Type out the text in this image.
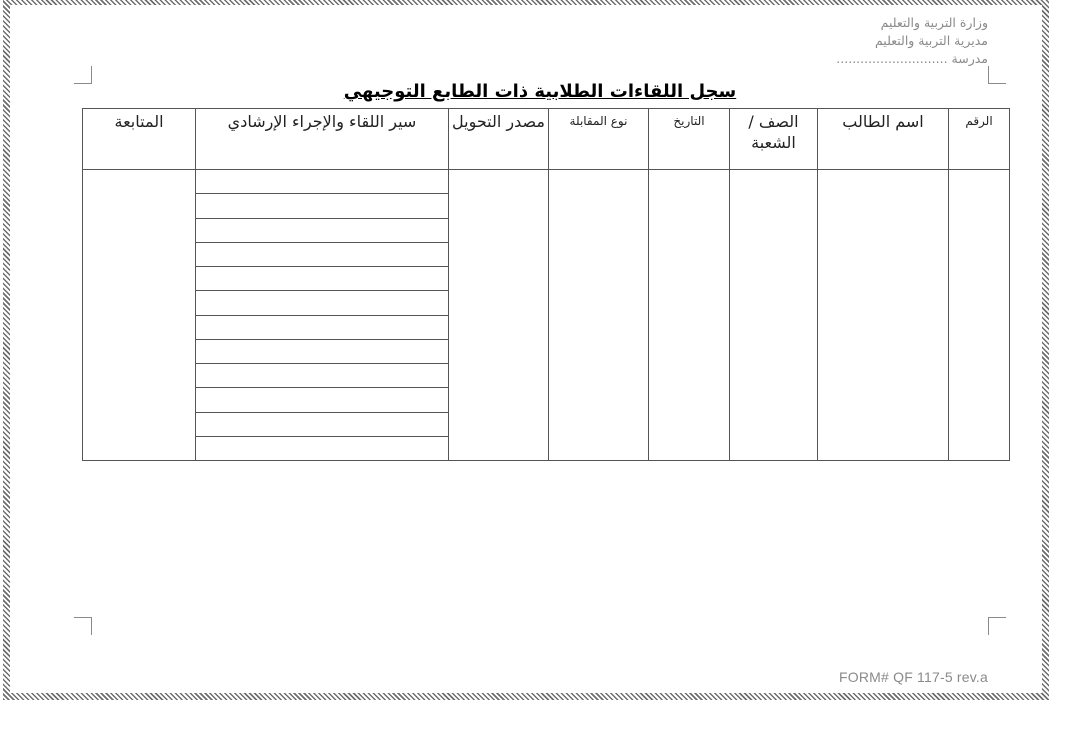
وزارة التربية والتعليم
مديرية التربية والتعليم
مدرسة ............................
سجل اللقاءات الطلابية ذات الطابع التوجيهي
الرقم	اسم الطالب	الصف / الشعبة	التاريخ	نوع المقابلة	مصدر التحويل	سير اللقاء والإجراء الإرشادي	المتابعة

FORM# QF 117-5 rev.a
